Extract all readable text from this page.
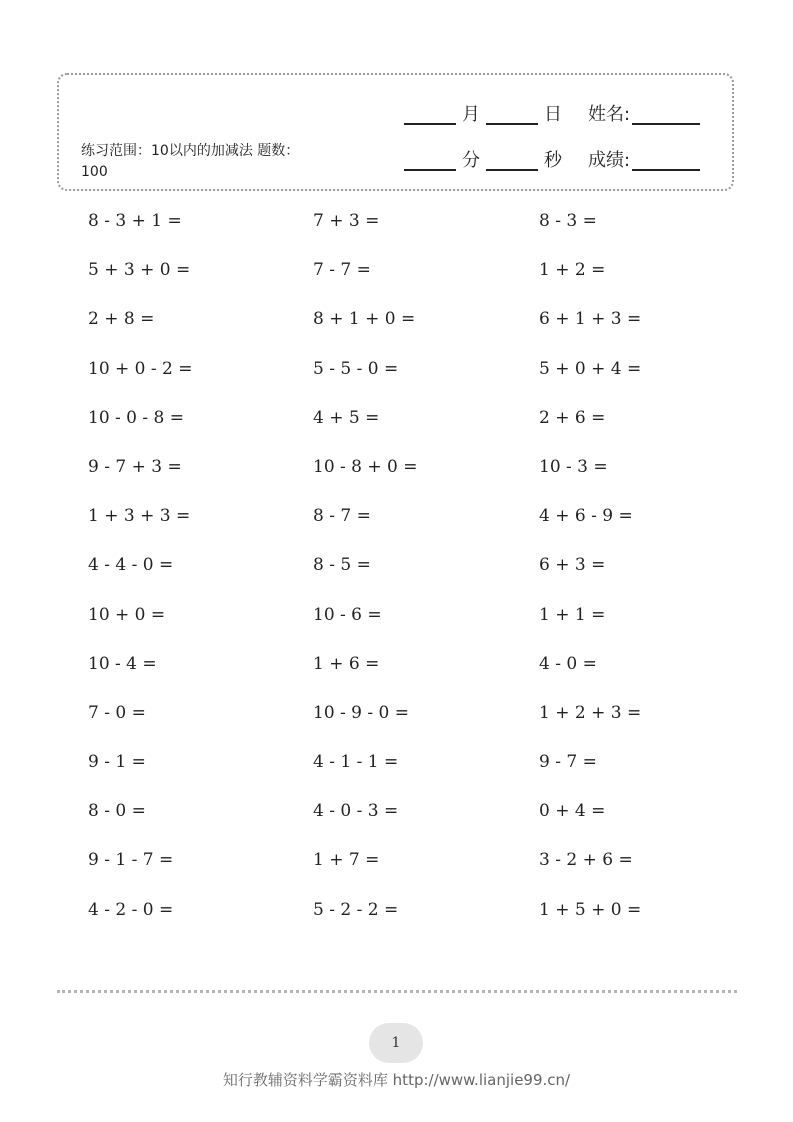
练习范围：10以内的加减法 题数：100
月	日 姓名:
分	秒 成绩:
8 - 3 + 1 =	7 + 3 =	8 - 3 =
5 + 3 + 0 =	7 - 7 =	1 + 2 =
2 + 8 =	8 + 1 + 0 =	6 + 1 + 3 =
10 + 0 - 2 =	5 - 5 - 0 =	5 + 0 + 4 =
10 - 0 - 8 =	4 + 5 =	2 + 6 =
9 - 7 + 3 =	10 - 8 + 0 =	10 - 3 =
1 + 3 + 3 =	8 - 7 =	4 + 6 - 9 =
4 - 4 - 0 =	8 - 5 =	6 + 3 =
10 + 0 =	10 - 6 =	1 + 1 =
10 - 4 =	1 + 6 =	4 - 0 =
7 - 0 =	10 - 9 - 0 =	1 + 2 + 3 =
9 - 1 =	4 - 1 - 1 =	9 - 7 =
8 - 0 =	4 - 0 - 3 =	0 + 4 =
9 - 1 - 7 =	1 + 7 =	3 - 2 + 6 =
4 - 2 - 0 =	5 - 2 - 2 =	1 + 5 + 0 =
1
知行教辅资料学霸资料库 http://www.lianjie99.cn/
